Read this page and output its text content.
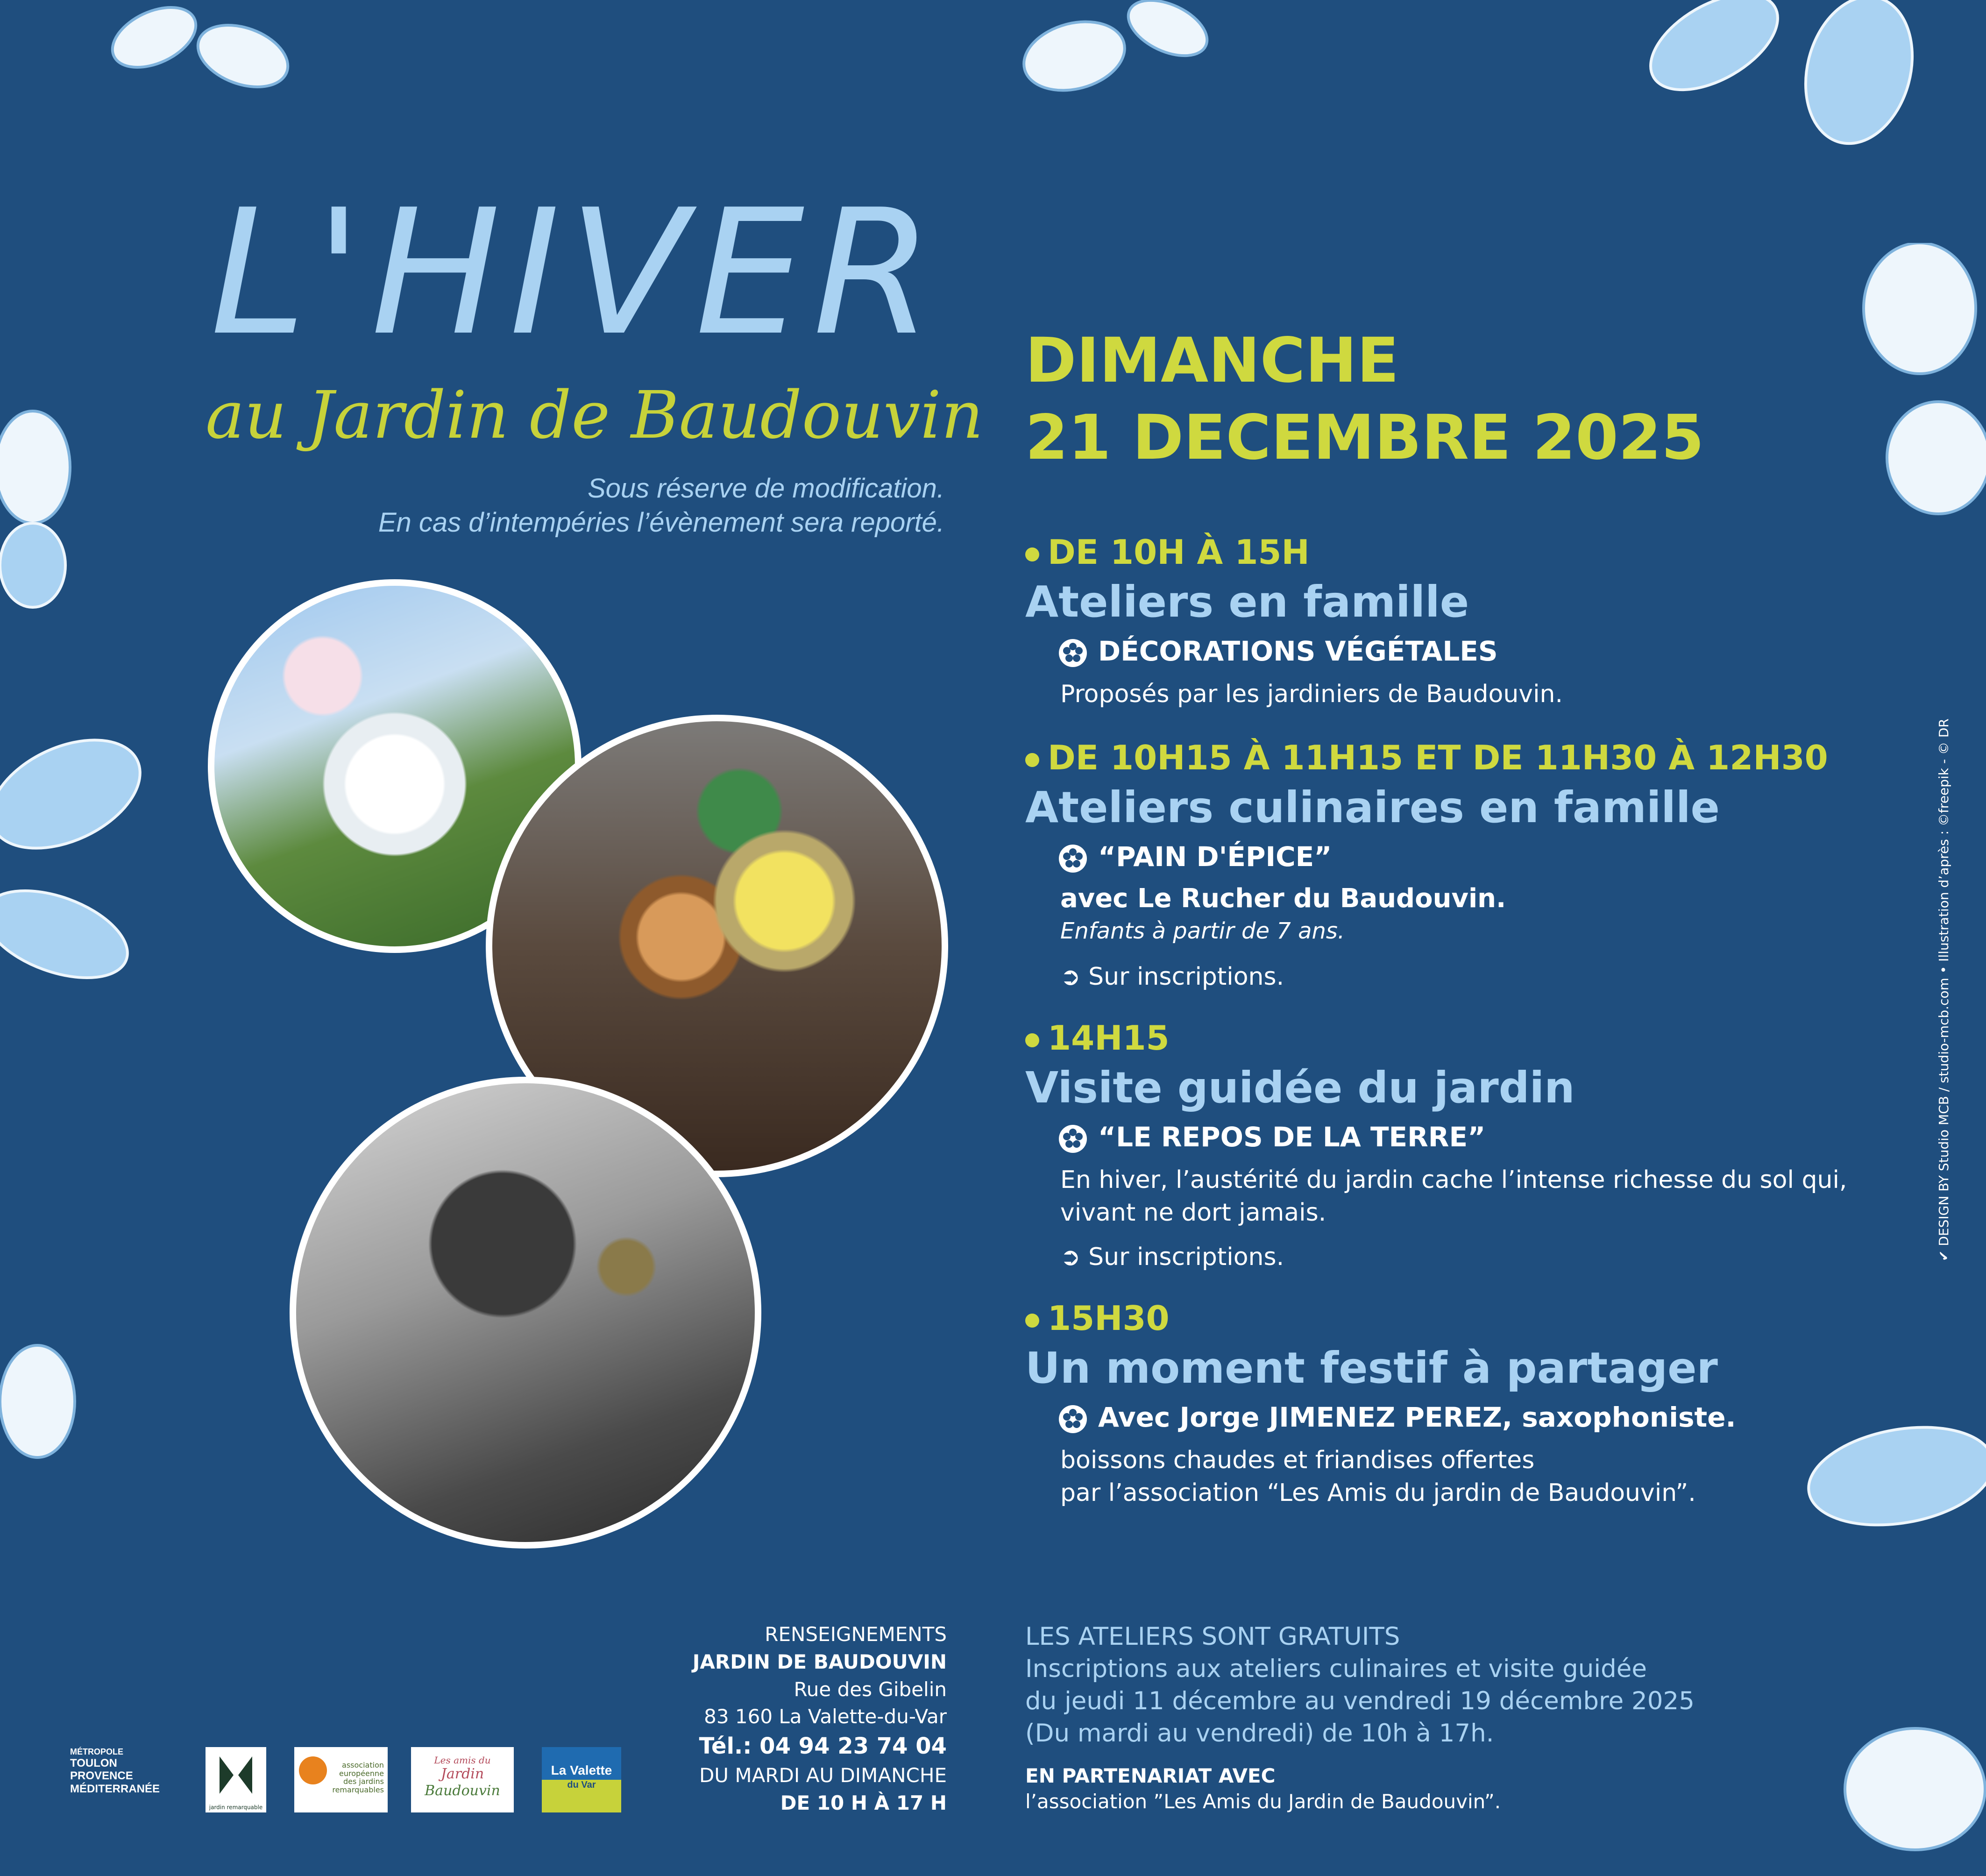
L'HIVER
au Jardin de Baudouvin
Sous réserve de modification.
En cas d’intempéries l’évènement sera reporté.
DIMANCHE
21 DECEMBRE 2025
DE 10H À 15H
Ateliers en famille
DÉCORATIONS VÉGÉTALES
Proposés par les jardiniers de Baudouvin.
DE 10H15 À 11H15 ET DE 11H30 À 12H30
Ateliers culinaires en famille
“PAIN D'ÉPICE”
avec Le Rucher du Baudouvin.
Enfants à partir de 7 ans.
➲ Sur inscriptions.
14H15
Visite guidée du jardin
“LE REPOS DE LA TERRE”
En hiver, l’austérité du jardin cache l’intense richesse du sol qui,
vivant ne dort jamais.
➲ Sur inscriptions.
15H30
Un moment festif à partager
Avec Jorge JIMENEZ PEREZ, saxophoniste.
boissons chaudes et friandises offertes
par l’association “Les Amis du jardin de Baudouvin”.
RENSEIGNEMENTS
JARDIN DE BAUDOUVIN
Rue des Gibelin
83 160 La Valette-du-Var
Tél.: 04 94 23 74 04
DU MARDI AU DIMANCHE
DE 10 H À 17 H
LES ATELIERS SONT GRATUITS
Inscriptions aux ateliers culinaires et visite guidée
du jeudi 11 décembre au vendredi 19 décembre 2025
(Du mardi au vendredi) de 10h à 17h.
EN PARTENARIAT AVEC
l’association ”Les Amis du Jardin de Baudouvin”.
✔ DESIGN BY Studio MCB / studio-mcb.com • Illustration d’après : ©freepik - © DR
MÉTROPOLE
TOULON
PROVENCE
MÉDITERRANÉE
jardin remarquable
association
européenne
des jardins
remarquables
Les amis du
Jardin
Baudouvin
La Valette
du Var
